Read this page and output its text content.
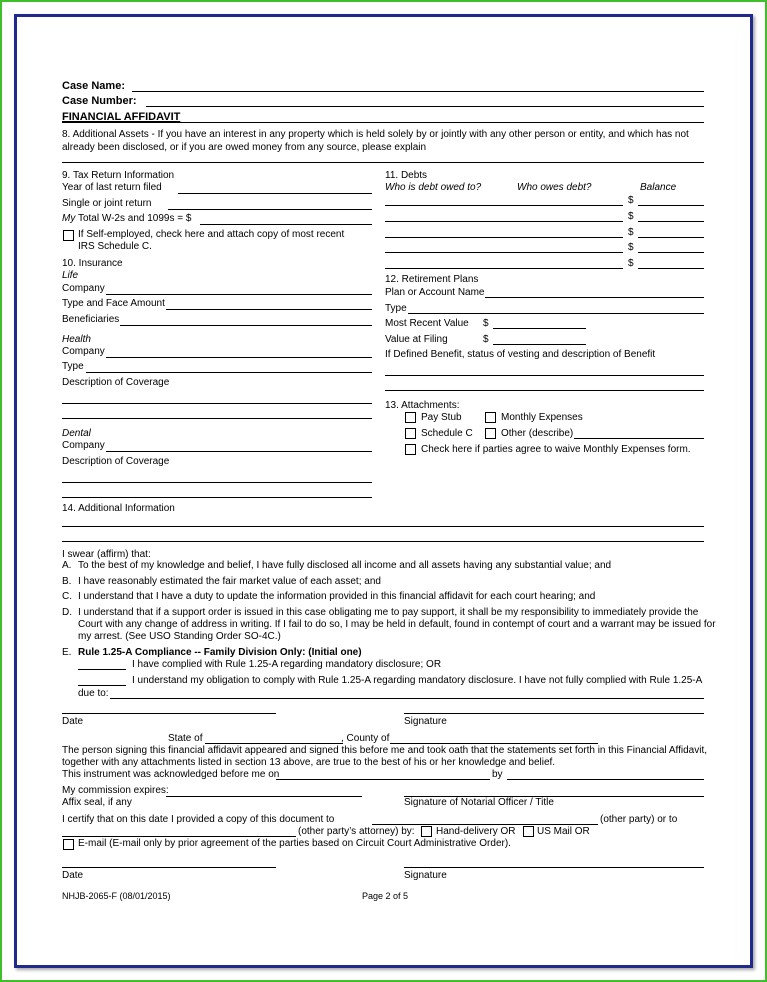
Case Name:
Case Number:
FINANCIAL AFFIDAVIT
8. Additional Assets - If you have an interest in any property which is held solely by or jointly with any other person or entity, and which has not already been disclosed, or if you are owed money from any source, please explain
9. Tax Return Information
Year of last return filed
Single or joint return
My Total W-2s and 1099s = $
If Self-employed, check here and attach copy of most recent
IRS Schedule C.
10. Insurance
Life
Company
Type and Face Amount
Beneficiaries
Health
Company
Type
Description of Coverage
Dental
Company
Description of Coverage
11. Debts
Who is debt owed to?	Who owes debt?	Balance
$
$
$
$
$
12. Retirement Plans
Plan or Account Name
Type
Most Recent Value $
Value at Filing	$
If Defined Benefit, status of vesting and description of Benefit
13. Attachments:
Pay Stub	Monthly Expenses
Schedule C	Other (describe)
Check here if parties agree to waive Monthly Expenses form.
14. Additional Information
I swear (affirm) that:
A. To the best of my knowledge and belief, I have fully disclosed all income and all assets having any substantial value; and
B. I have reasonably estimated the fair market value of each asset; and
C. I understand that I have a duty to update the information provided in this financial affidavit for each court hearing; and
D. I understand that if a support order is issued in this case obligating me to pay support, it shall be my responsibility to immediately provide the
Court with any change of address in writing. If I fail to do so, I may be held in default, found in contempt of court and a warrant may be issued for
my arrest. (See USO Standing Order SO-4C.)
E. Rule 1.25-A Compliance -- Family Division Only: (Initial one)
I have complied with Rule 1.25-A regarding mandatory disclosure; OR
I understand my obligation to comply with Rule 1.25-A regarding mandatory disclosure. I have not fully complied with Rule 1.25-A
due to:
Date	Signature
State of	, County of
The person signing this financial affidavit appeared and signed this before me and took oath that the statements set forth in this Financial Affidavit,
together with any attachments listed in section 13 above, are true to the best of his or her knowledge and belief.
This instrument was acknowledged before me on	by
My commission expires:
Affix seal, if any	Signature of Notarial Officer / Title
I certify that on this date I provided a copy of this document to	(other party) or to
(other party’s attorney) by: Hand-delivery OR US Mail OR
E-mail (E-mail only by prior agreement of the parties based on Circuit Court Administrative Order).
Date	Signature
NHJB-2065-F (08/01/2015)	Page 2 of 5
